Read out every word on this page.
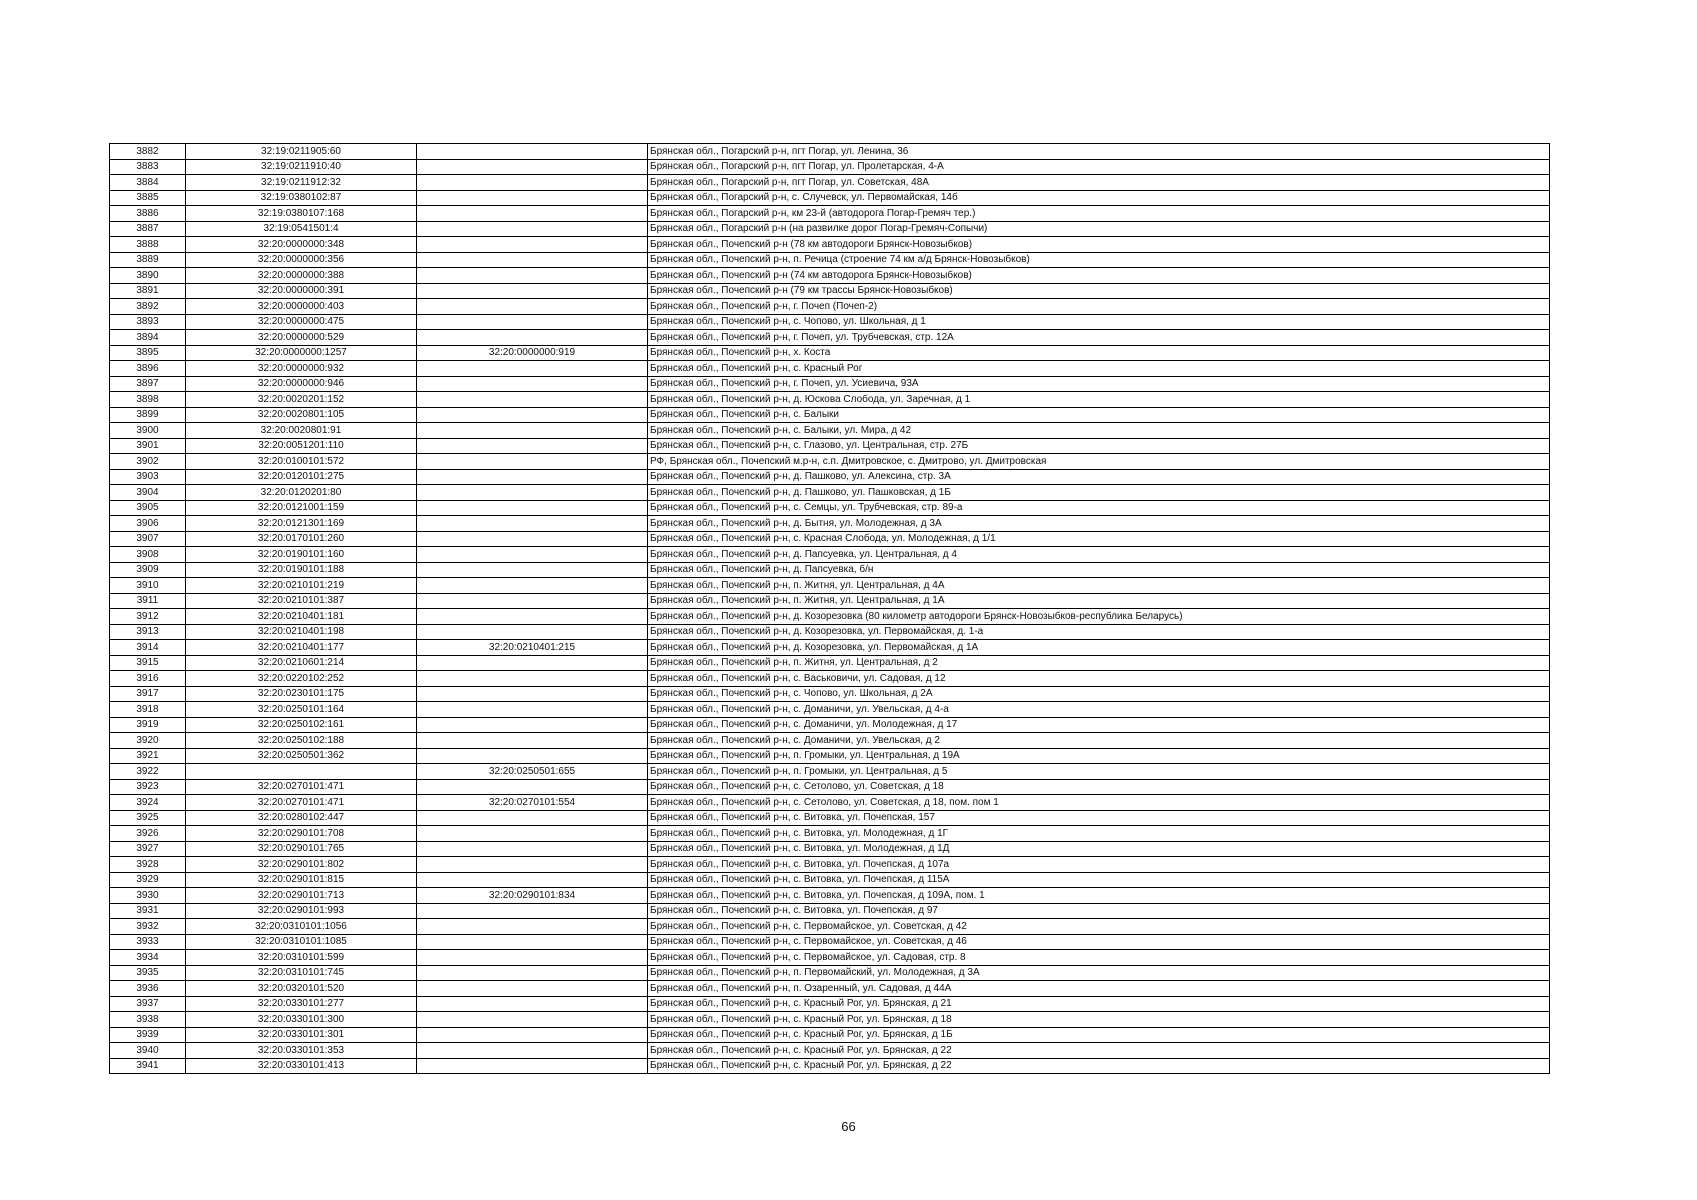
3882	32:19:0211905:60		Брянская обл., Погарский р-н, пгт Погар, ул. Ленина, 36
3883	32:19:0211910:40		Брянская обл., Погарский р-н, пгт Погар, ул. Пролетарская, 4-А
3884	32:19:0211912:32		Брянская обл., Погарский р-н, пгт Погар, ул. Советская, 48А
3885	32:19:0380102:87		Брянская обл., Погарский р-н, с. Случевск, ул. Первомайская, 14б
3886	32:19:0380107:168		Брянская обл., Погарский р-н, км 23-й (автодорога Погар-Гремяч тер.)
3887	32:19:0541501:4		Брянская обл., Погарский р-н (на развилке дорог Погар-Гремяч-Сопычи)
3888	32:20:0000000:348		Брянская обл., Почепский р-н (78 км автодороги Брянск-Новозыбков)
3889	32:20:0000000:356		Брянская обл., Почепский р-н, п. Речица (строение 74 км а/д Брянск-Новозыбков)
3890	32:20:0000000:388		Брянская обл., Почепский р-н (74 км автодорога Брянск-Новозыбков)
3891	32:20:0000000:391		Брянская обл., Почепский р-н (79 км трассы Брянск-Новозыбков)
3892	32:20:0000000:403		Брянская обл., Почепский р-н, г. Почеп (Почеп-2)
3893	32:20:0000000:475		Брянская обл., Почепский р-н, с. Чопово, ул. Школьная, д 1
3894	32:20:0000000:529		Брянская обл., Почепский р-н, г. Почеп, ул. Трубчевская, стр. 12А
3895	32:20:0000000:1257	32:20:0000000:919	Брянская обл., Почепский р-н, х. Коста
3896	32:20:0000000:932		Брянская обл., Почепский р-н, с. Красный Рог
3897	32:20:0000000:946		Брянская обл., Почепский р-н, г. Почеп, ул. Усиевича, 93А
3898	32:20:0020201:152		Брянская обл., Почепский р-н, д. Юскова Слобода, ул. Заречная, д 1
3899	32:20:0020801:105		Брянская обл., Почепский р-н, с. Балыки
3900	32:20:0020801:91		Брянская обл., Почепский р-н, с. Балыки, ул. Мира, д 42
3901	32:20:0051201:110		Брянская обл., Почепский р-н, с. Глазово, ул. Центральная, стр. 27Б
3902	32:20:0100101:572		РФ, Брянская обл., Почепский м.р-н, с.п. Дмитровское, с. Дмитрово, ул. Дмитровская
3903	32:20:0120101:275		Брянская обл., Почепский р-н, д. Пашково, ул. Алексина, стр. 3А
3904	32:20:0120201:80		Брянская обл., Почепский р-н, д. Пашково, ул. Пашковская, д 1Б
3905	32:20:0121001:159		Брянская обл., Почепский р-н, с. Семцы, ул. Трубчевская, стр. 89-а
3906	32:20:0121301:169		Брянская обл., Почепский р-н, д. Бытня, ул. Молодежная, д 3А
3907	32:20:0170101:260		Брянская обл., Почепский р-н, с. Красная Слобода, ул. Молодежная, д 1/1
3908	32:20:0190101:160		Брянская обл., Почепский р-н, д. Папсуевка, ул. Центральная, д 4
3909	32:20:0190101:188		Брянская обл., Почепский р-н, д. Папсуевка, б/н
3910	32:20:0210101:219		Брянская обл., Почепский р-н, п. Житня, ул. Центральная, д 4А
3911	32:20:0210101:387		Брянская обл., Почепский р-н, п. Житня, ул. Центральная, д 1А
3912	32:20:0210401:181		Брянская обл., Почепский р-н, д. Козорезовка (80 километр автодороги Брянск-Новозыбков-республика Беларусь)
3913	32:20:0210401:198		Брянская обл., Почепский р-н, д. Козорезовка, ул. Первомайская, д. 1-а
3914	32:20:0210401:177	32:20:0210401:215	Брянская обл., Почепский р-н, д. Козорезовка, ул. Первомайская, д 1А
3915	32:20:0210601:214		Брянская обл., Почепский р-н, п. Житня, ул. Центральная, д 2
3916	32:20:0220102:252		Брянская обл., Почепский р-н, с. Васьковичи, ул. Садовая, д 12
3917	32:20:0230101:175		Брянская обл., Почепский р-н, с. Чопово, ул. Школьная, д 2А
3918	32:20:0250101:164		Брянская обл., Почепский р-н, с. Доманичи, ул. Увельская, д 4-а
3919	32:20:0250102:161		Брянская обл., Почепский р-н, с. Доманичи, ул. Молодежная, д 17
3920	32:20:0250102:188		Брянская обл., Почепский р-н, с. Доманичи, ул. Увельская, д 2
3921	32:20:0250501:362		Брянская обл., Почепский р-н, п. Громыки, ул. Центральная, д 19А
3922		32:20:0250501:655	Брянская обл., Почепский р-н, п. Громыки, ул. Центральная, д 5
3923	32:20:0270101:471		Брянская обл., Почепский р-н, с. Сетолово, ул. Советская, д 18
3924	32:20:0270101:471	32:20:0270101:554	Брянская обл., Почепский р-н, с. Сетолово, ул. Советская, д 18, пом. пом 1
3925	32:20:0280102:447		Брянская обл., Почепский р-н, с. Витовка, ул. Почепская, 157
3926	32:20:0290101:708		Брянская обл., Почепский р-н, с. Витовка, ул. Молодежная, д 1Г
3927	32:20:0290101:765		Брянская обл., Почепский р-н, с. Витовка, ул. Молодежная, д 1Д
3928	32:20:0290101:802		Брянская обл., Почепский р-н, с. Витовка, ул. Почепская, д 107а
3929	32:20:0290101:815		Брянская обл., Почепский р-н, с. Витовка, ул. Почепская, д 115А
3930	32:20:0290101:713	32:20:0290101:834	Брянская обл., Почепский р-н, с. Витовка, ул. Почепская, д 109А, пом. 1
3931	32:20:0290101:993		Брянская обл., Почепский р-н, с. Витовка, ул. Почепская, д 97
3932	32:20:0310101:1056		Брянская обл., Почепский р-н, с. Первомайское, ул. Советская, д 42
3933	32:20:0310101:1085		Брянская обл., Почепский р-н, с. Первомайское, ул. Советская, д 46
3934	32:20:0310101:599		Брянская обл., Почепский р-н, с. Первомайское, ул. Садовая, стр. 8
3935	32:20:0310101:745		Брянская обл., Почепский р-н, п. Первомайский, ул. Молодежная, д 3А
3936	32:20:0320101:520		Брянская обл., Почепский р-н, п. Озаренный, ул. Садовая, д 44А
3937	32:20:0330101:277		Брянская обл., Почепский р-н, с. Красный Рог, ул. Брянская, д 21
3938	32:20:0330101:300		Брянская обл., Почепский р-н, с. Красный Рог, ул. Брянская, д 18
3939	32:20:0330101:301		Брянская обл., Почепский р-н, с. Красный Рог, ул. Брянская, д 1Б
3940	32:20:0330101:353		Брянская обл., Почепский р-н, с. Красный Рог, ул. Брянская, д 22
3941	32:20:0330101:413		Брянская обл., Почепский р-н, с. Красный Рог, ул. Брянская, д 22
66
